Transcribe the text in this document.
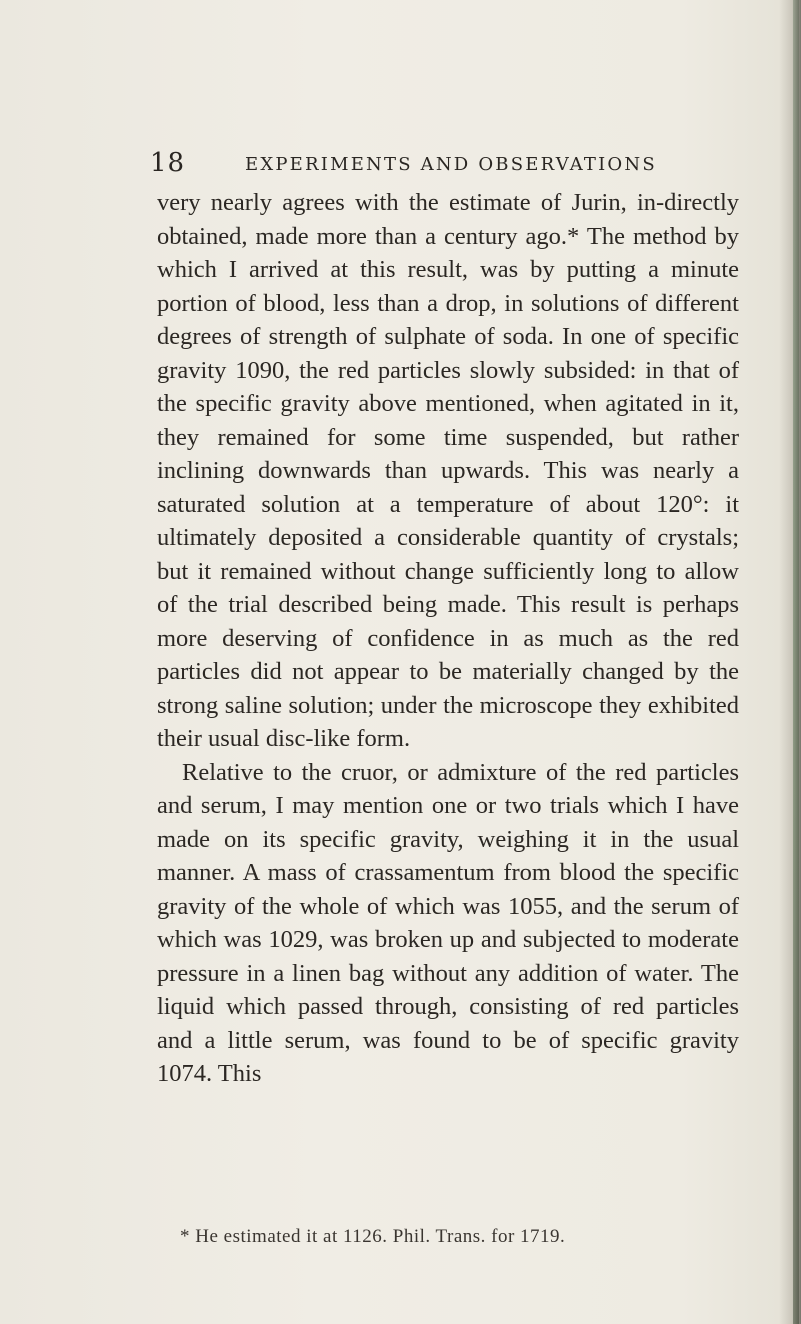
18	EXPERIMENTS AND OBSERVATIONS

very nearly agrees with the estimate of Jurin, in-directly obtained, made more than a century ago.* The method by which I arrived at this result, was by putting a minute portion of blood, less than a drop, in solutions of different degrees of strength of sulphate of soda. In one of specific gravity 1090, the red particles slowly subsided: in that of the specific gravity above mentioned, when agitated in it, they remained for some time suspended, but rather inclining downwards than upwards. This was nearly a saturated solution at a temperature of about 120°: it ultimately deposited a considerable quantity of crystals; but it remained without change sufficiently long to allow of the trial described being made. This result is perhaps more deserving of confidence in as much as the red particles did not appear to be materially changed by the strong saline solution; under the microscope they exhibited their usual disc-like form.

Relative to the cruor, or admixture of the red particles and serum, I may mention one or two trials which I have made on its specific gravity, weighing it in the usual manner. A mass of crassamentum from blood the specific gravity of the whole of which was 1055, and the serum of which was 1029, was broken up and subjected to moderate pressure in a linen bag without any addition of water. The liquid which passed through, consisting of red particles and a little serum, was found to be of specific gravity 1074. This

* He estimated it at 1126. Phil. Trans. for 1719.
